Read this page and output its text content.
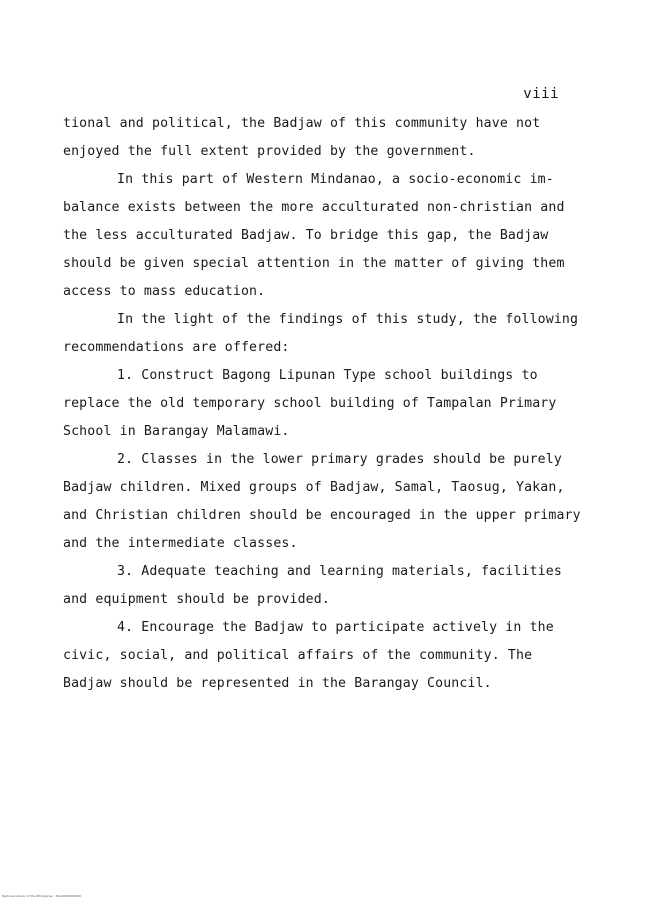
viii
tional and political, the Badjaw of this community have not
enjoyed the full extent provided by the government.
In this part of Western Mindanao, a socio-economic im-
balance exists between the more acculturated non-christian and
the less acculturated Badjaw. To bridge this gap, the Badjaw
should be given special attention in the matter of giving them
access to mass education.
In the light of the findings of this study, the following
recommendations are offered:
1. Construct Bagong Lipunan Type school buildings to
replace the old temporary school building of Tampalan Primary
School in Barangay Malamawi.
2. Classes in the lower primary grades should be purely
Badjaw children. Mixed groups of Badjaw, Samal, Taosug, Yakan,
and Christian children should be encouraged in the upper primary
and the intermediate classes.
3. Adequate teaching and learning materials, facilities
and equipment should be provided.
4. Encourage the Badjaw to participate actively in the
civic, social, and political affairs of the community. The
Badjaw should be represented in the Barangay Council.
National Library of the Philippines · N/A/0000000000
